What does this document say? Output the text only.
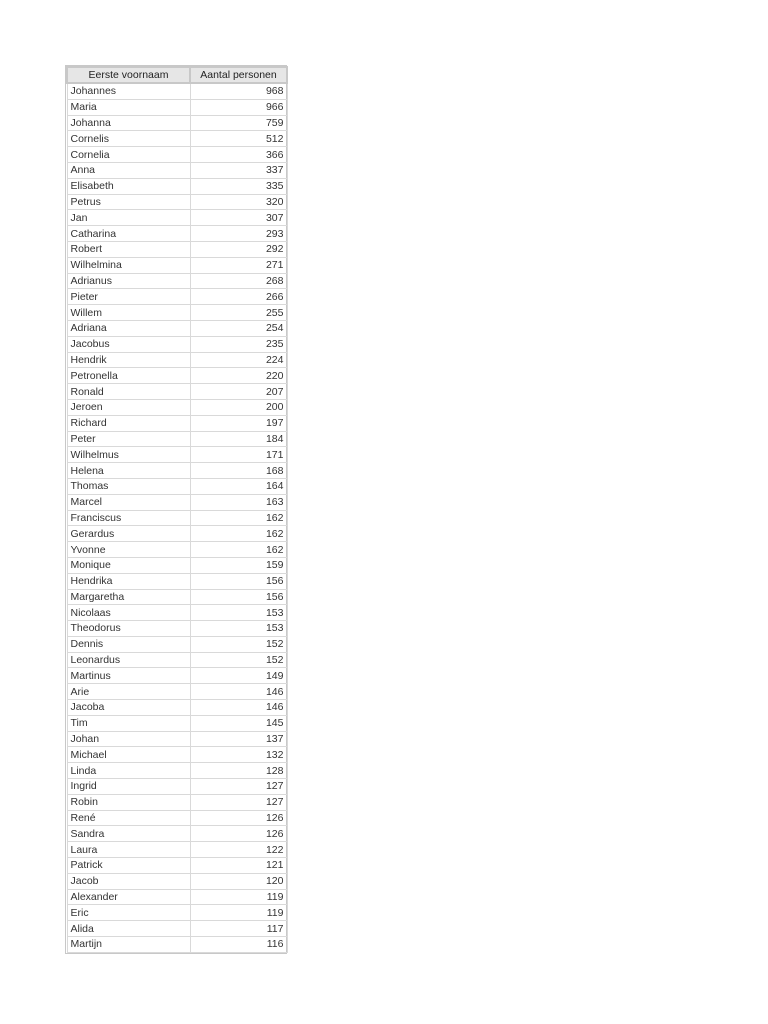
Eerste voornaam	Aantal personen
Johannes	968
Maria	966
Johanna	759
Cornelis	512
Cornelia	366
Anna	337
Elisabeth	335
Petrus	320
Jan	307
Catharina	293
Robert	292
Wilhelmina	271
Adrianus	268
Pieter	266
Willem	255
Adriana	254
Jacobus	235
Hendrik	224
Petronella	220
Ronald	207
Jeroen	200
Richard	197
Peter	184
Wilhelmus	171
Helena	168
Thomas	164
Marcel	163
Franciscus	162
Gerardus	162
Yvonne	162
Monique	159
Hendrika	156
Margaretha	156
Nicolaas	153
Theodorus	153
Dennis	152
Leonardus	152
Martinus	149
Arie	146
Jacoba	146
Tim	145
Johan	137
Michael	132
Linda	128
Ingrid	127
Robin	127
René	126
Sandra	126
Laura	122
Patrick	121
Jacob	120
Alexander	119
Eric	119
Alida	117
Martijn	116
